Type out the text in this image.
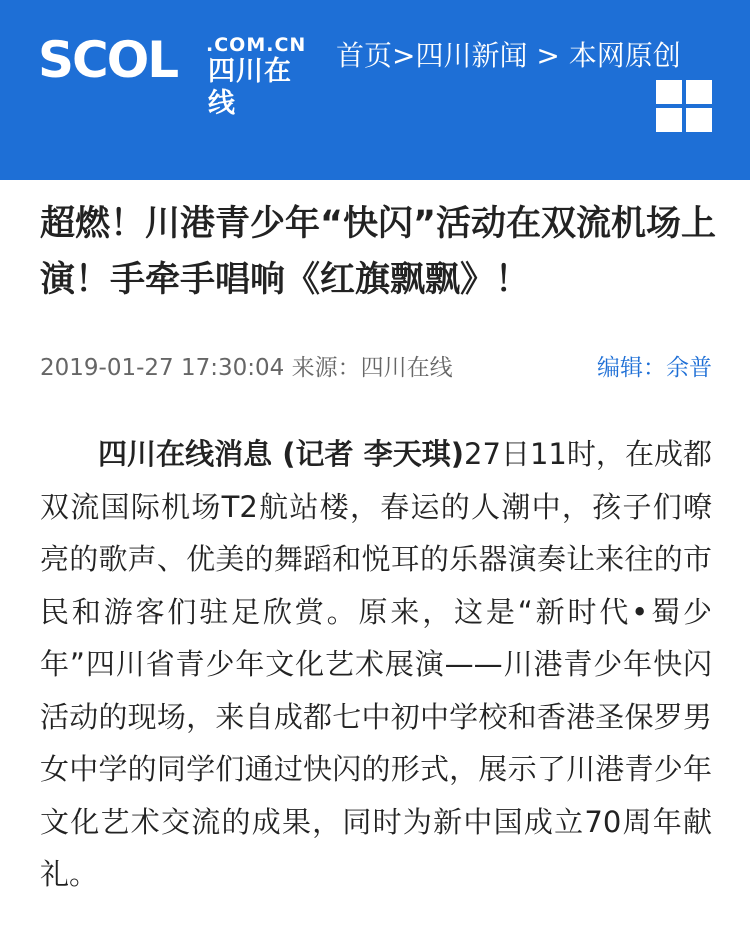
SCOL .COM.CN
四川在线
首页>四川新闻 > 本网原创
超燃！川港青少年“快闪”活动在双流机场上演！手牵手唱响《红旗飘飘》！
2019-01-27 17:30:04 来源：四川在线	编辑：余普

四川在线消息 (记者 李天琪)27日11时，在成都双流国际机场T2航站楼，春运的人潮中，孩子们嘹亮的歌声、优美的舞蹈和悦耳的乐器演奏让来往的市民和游客们驻足欣赏。原来，这是“新时代•蜀少年”四川省青少年文化艺术展演——川港青少年快闪活动的现场，来自成都七中初中学校和香港圣保罗男女中学的同学们通过快闪的形式，展示了川港青少年文化艺术交流的成果，同时为新中国成立70周年献礼。
